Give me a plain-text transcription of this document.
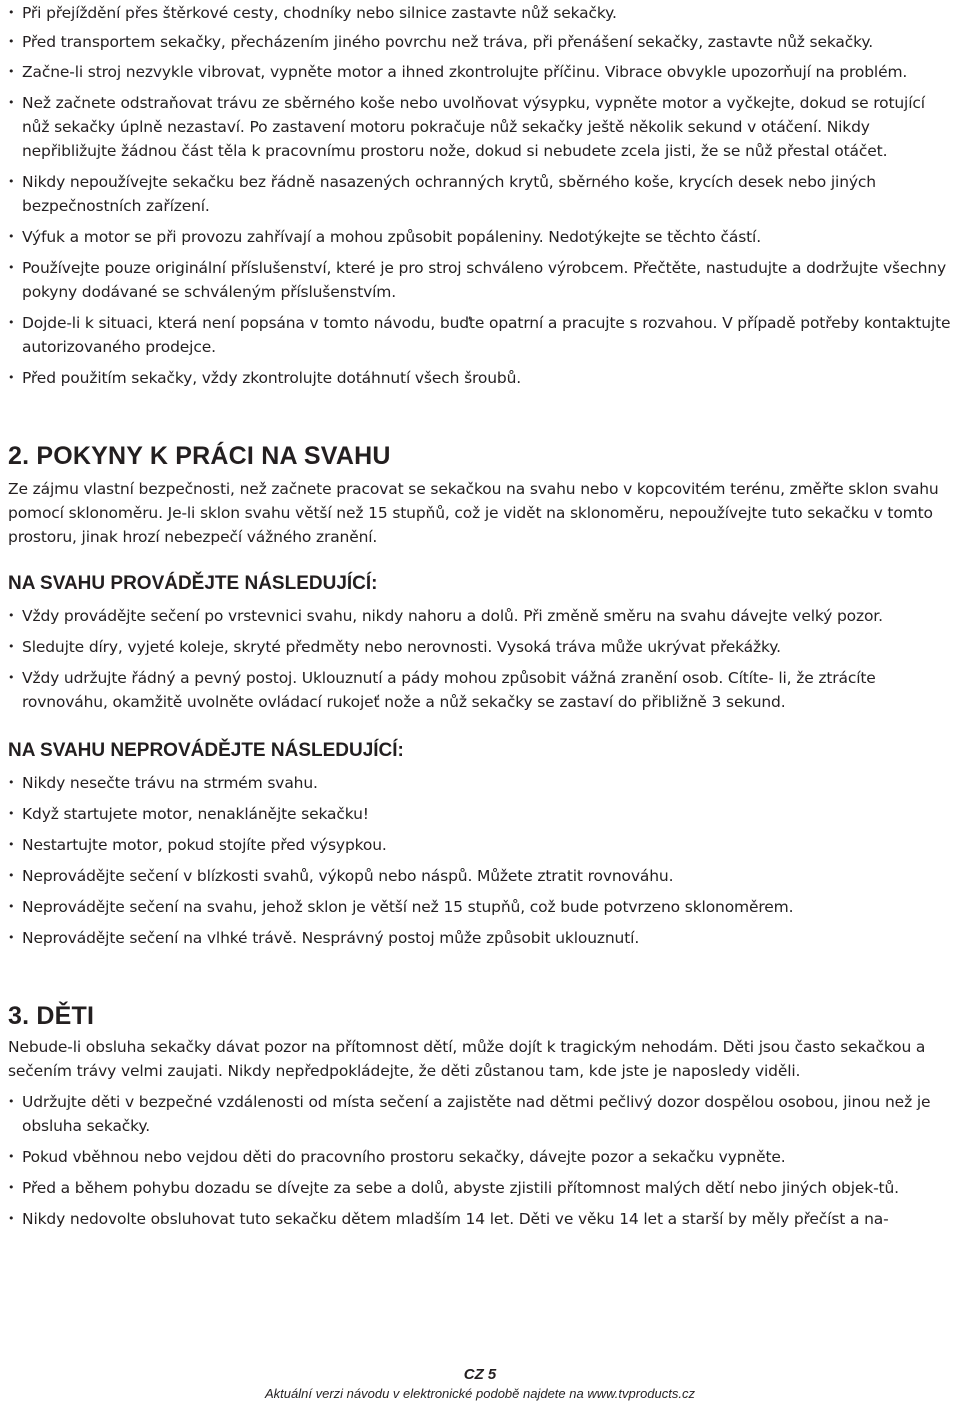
• Při přejíždění přes štěrkové cesty, chodníky nebo silnice zastavte nůž sekačky.
• Před transportem sekačky, přecházením jiného povrchu než tráva, při přenášení sekačky, zastavte nůž sekačky.
• Začne-li stroj nezvykle vibrovat, vypněte motor a ihned zkontrolujte příčinu. Vibrace obvykle upozorňují na problém.
• Než začnete odstraňovat trávu ze sběrného koše nebo uvolňovat výsypku, vypněte motor a vyčkejte, dokud se rotující nůž sekačky úplně nezastaví. Po zastavení motoru pokračuje nůž sekačky ještě několik sekund v otáčení. Nikdy nepřibližujte žádnou část těla k pracovnímu prostoru nože, dokud si nebudete zcela jisti, že se nůž přestal otáčet.
• Nikdy nepoužívejte sekačku bez řádně nasazených ochranných krytů, sběrného koše, krycích desek nebo jiných bezpečnostních zařízení.
• Výfuk a motor se při provozu zahřívají a mohou způsobit popáleniny. Nedotýkejte se těchto částí.
• Používejte pouze originální příslušenství, které je pro stroj schváleno výrobcem. Přečtěte, nastudujte a dodržujte všechny pokyny dodávané se schváleným příslušenstvím.
• Dojde-li k situaci, která není popsána v tomto návodu, buďte opatrní a pracujte s rozvahou. V případě potřeby kontaktujte autorizovaného prodejce.
• Před použitím sekačky, vždy zkontrolujte dotáhnutí všech šroubů.
2. POKYNY K PRÁCI NA SVAHU

Ze zájmu vlastní bezpečnosti, než začnete pracovat se sekačkou na svahu nebo v kopcovitém terénu, změřte sklon svahu pomocí sklonoměru. Je-li sklon svahu větší než 15 stupňů, což je vidět na sklonoměru, nepoužívejte tuto sekačku v tomto prostoru, jinak hrozí nebezpečí vážného zranění.

NA SVAHU PROVÁDĚJTE NÁSLEDUJÍCÍ:
• Vždy provádějte sečení po vrstevnici svahu, nikdy nahoru a dolů. Při změně směru na svahu dávejte velký pozor.
• Sledujte díry, vyjeté koleje, skryté předměty nebo nerovnosti. Vysoká tráva může ukrývat překážky.
• Vždy udržujte řádný a pevný postoj. Uklouznutí a pády mohou způsobit vážná zranění osob. Cítíte- li, že ztrácíte rovnováhu, okamžitě uvolněte ovládací rukojeť nože a nůž sekačky se zastaví do přibližně 3 sekund.
NA SVAHU NEPROVÁDĚJTE NÁSLEDUJÍCÍ:
• Nikdy nesečte trávu na strmém svahu.
• Když startujete motor, nenaklánějte sekačku!
• Nestartujte motor, pokud stojíte před výsypkou.
• Neprovádějte sečení v blízkosti svahů, výkopů nebo náspů. Můžete ztratit rovnováhu.
• Neprovádějte sečení na svahu, jehož sklon je větší než 15 stupňů, což bude potvrzeno sklonoměrem.
• Neprovádějte sečení na vlhké trávě. Nesprávný postoj může způsobit uklouznutí.
3. DĚTI

Nebude-li obsluha sekačky dávat pozor na přítomnost dětí, může dojít k tragickým nehodám. Děti jsou často sekačkou a sečením trávy velmi zaujati. Nikdy nepředpokládejte, že děti zůstanou tam, kde jste je naposledy viděli.

• Udržujte děti v bezpečné vzdálenosti od místa sečení a zajistěte nad dětmi pečlivý dozor dospělou osobou, jinou než je obsluha sekačky.
• Pokud vběhnou nebo vejdou děti do pracovního prostoru sekačky, dávejte pozor a sekačku vypněte.
• Před a během pohybu dozadu se dívejte za sebe a dolů, abyste zjistili přítomnost malých dětí nebo jiných objek-tů.
• Nikdy nedovolte obsluhovat tuto sekačku dětem mladším 14 let. Děti ve věku 14 let a starší by měly přečíst a na-
CZ 5
Aktuální verzi návodu v elektronické podobě najdete na www.tvproducts.cz
